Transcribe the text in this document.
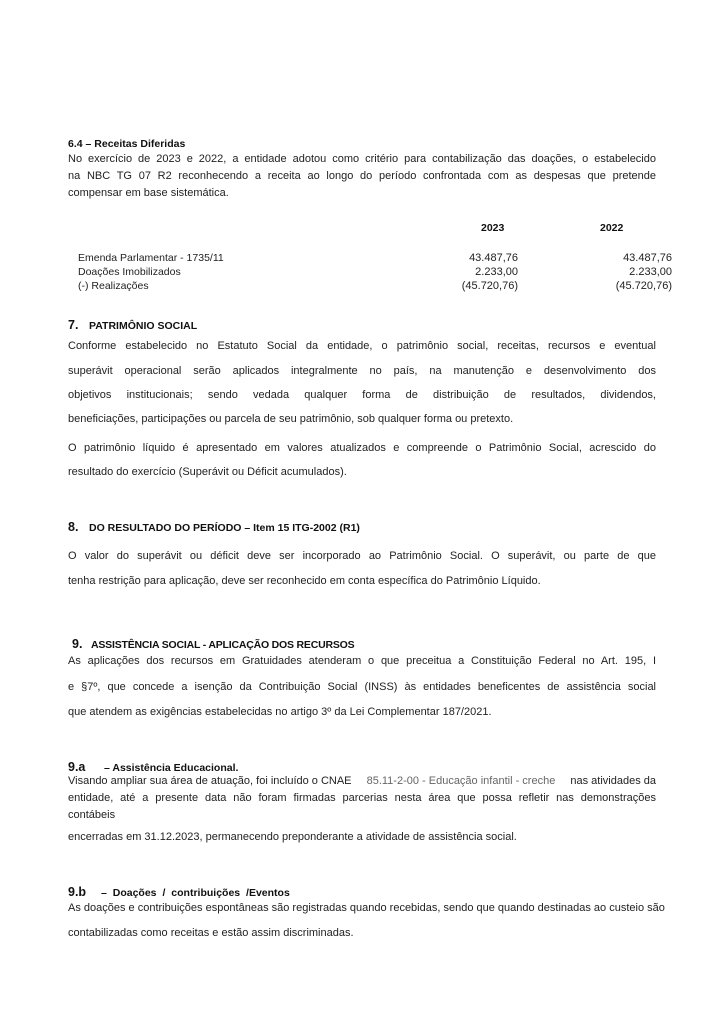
6.4 – Receitas Diferidas
No exercício de 2023 e 2022, a entidade adotou como critério para contabilização das doações, o estabelecido
na NBC TG 07 R2 reconhecendo a receita ao longo do período confrontada com as despesas que pretende
compensar em base sistemática.
2023	2022
Emenda Parlamentar - 1735/11	43.487,76	43.487,76
Doações Imobilizados	2.233,00	2.233,00
(-) Realizações	(45.720,76)	(45.720,76)
7. PATRIMÔNIO SOCIAL
Conforme estabelecido no Estatuto Social da entidade, o patrimônio social, receitas, recursos e eventual
superávit operacional serão aplicados integralmente no país, na manutenção e desenvolvimento dos
objetivos institucionais; sendo vedada qualquer forma de distribuição de resultados, dividendos,
beneficiações, participações ou parcela de seu patrimônio, sob qualquer forma ou pretexto.
O patrimônio líquido é apresentado em valores atualizados e compreende o Patrimônio Social, acrescido do
resultado do exercício (Superávit ou Déficit acumulados).
8. DO RESULTADO DO PERÍODO – Item 15 ITG-2002 (R1)
O valor do superávit ou déficit deve ser incorporado ao Patrimônio Social. O superávit, ou parte de que
tenha restrição para aplicação, deve ser reconhecido em conta específica do Patrimônio Líquido.
9. ASSISTÊNCIA SOCIAL - APLICAÇÃO DOS RECURSOS
As aplicações dos recursos em Gratuidades atenderam o que preceitua a Constituição Federal no Art. 195, I
e §7º, que concede a isenção da Contribuição Social (INSS) às entidades beneficentes de assistência social
que atendem as exigências estabelecidas no artigo 3º da Lei Complementar 187/2021.
9.a – Assistência Educacional.
Visando ampliar sua área de atuação, foi incluído o CNAE 85.11-2-00 - Educação infantil - creche nas atividades da
entidade, até a presente data não foram firmadas parcerias nesta área que possa refletir nas demonstrações
contábeis
encerradas em 31.12.2023, permanecendo preponderante a atividade de assistência social.
9.b – Doações / contribuições /Eventos
As doações e contribuições espontâneas são registradas quando recebidas, sendo que quando destinadas ao custeio são
contabilizadas como receitas e estão assim discriminadas.
